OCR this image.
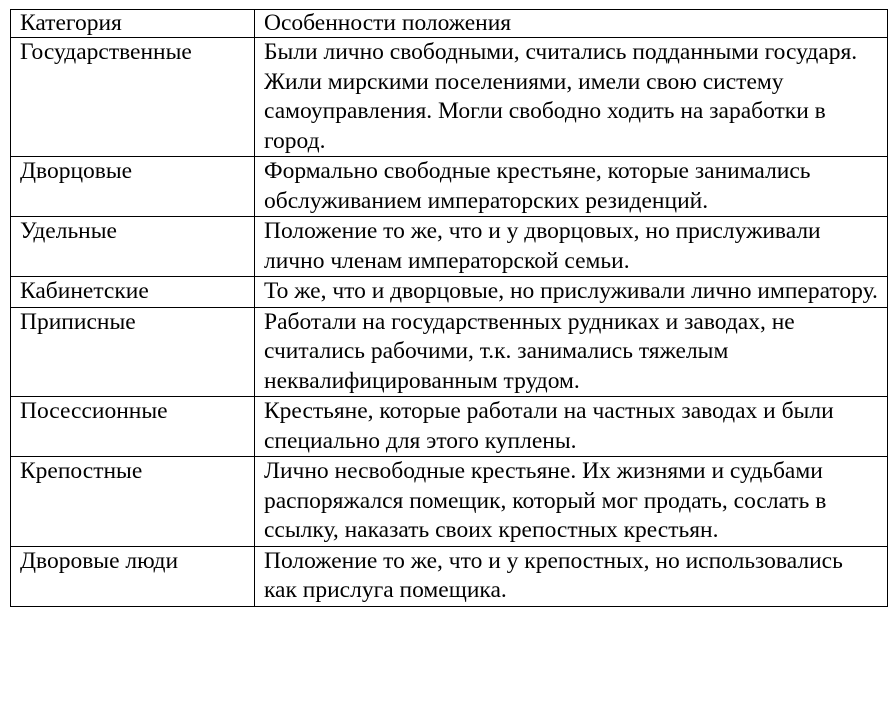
Категория	Особенности положения
Государственные	Были лично свободными, считались подданными государя. Жили мирскими поселениями, имели свою систему самоуправления. Могли свободно ходить на заработки в город.
Дворцовые	Формально свободные крестьяне, которые занимались обслуживанием императорских резиденций.
Удельные	Положение то же, что и у дворцовых, но прислуживали лично членам императорской семьи.
Кабинетские	То же, что и дворцовые, но прислуживали лично императору.
Приписные	Работали на государственных рудниках и заводах, не считались рабочими, т.к. занимались тяжелым неквалифицированным трудом.
Посессионные	Крестьяне, которые работали на частных заводах и были специально для этого куплены.
Крепостные	Лично несвободные крестьяне. Их жизнями и судьбами распоряжался помещик, который мог продать, сослать в ссылку, наказать своих крепостных крестьян.
Дворовые люди	Положение то же, что и у крепостных, но использовались как прислуга помещика.
